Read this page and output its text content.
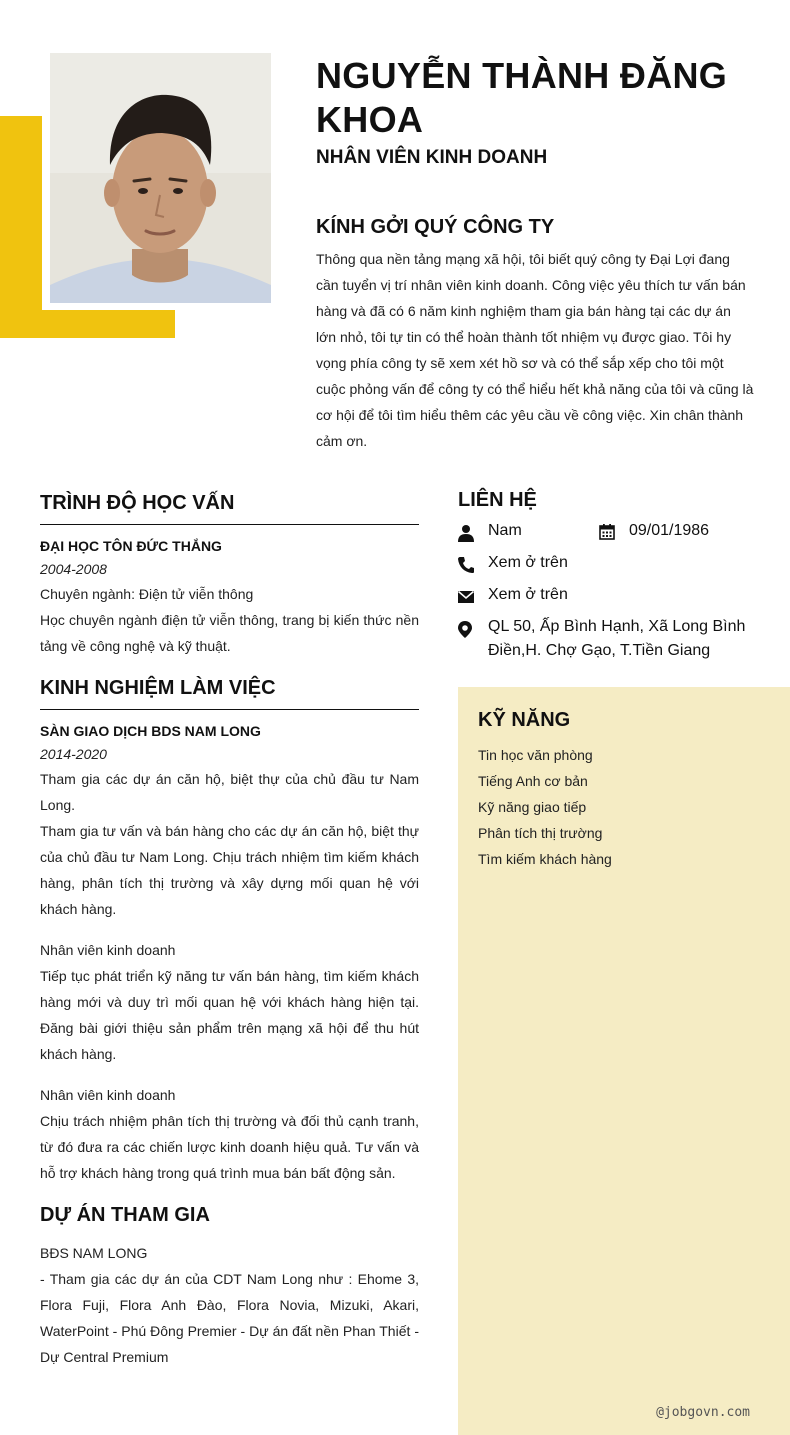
NGUYỄN THÀNH ĐĂNG KHOA
NHÂN VIÊN KINH DOANH
KÍNH GỞI QUÝ CÔNG TY
Thông qua nền tảng mạng xã hội, tôi biết quý công ty Đại Lợi đang cần tuyển vị trí nhân viên kinh doanh. Công việc yêu thích tư vấn bán hàng và đã có 6 năm kinh nghiệm tham gia bán hàng tại các dự án lớn nhỏ, tôi tự tin có thể hoàn thành tốt nhiệm vụ được giao. Tôi hy vọng phía công ty sẽ xem xét hồ sơ và có thể sắp xếp cho tôi một cuộc phỏng vấn để công ty có thể hiểu hết khả năng của tôi và cũng là cơ hội để tôi tìm hiểu thêm các yêu cầu về công việc. Xin chân thành cảm ơn.
TRÌNH ĐỘ HỌC VẤN
ĐẠI HỌC TÔN ĐỨC THẮNG
2004-2008
Chuyên ngành: Điện tử viễn thông
Học chuyên ngành điện tử viễn thông, trang bị kiến thức nền tảng về công nghệ và kỹ thuật.
KINH NGHIỆM LÀM VIỆC
SÀN GIAO DỊCH BDS NAM LONG
2014-2020
Tham gia các dự án căn hộ, biệt thự của chủ đầu tư Nam Long.
Tham gia tư vấn và bán hàng cho các dự án căn hộ, biệt thự của chủ đầu tư Nam Long. Chịu trách nhiệm tìm kiếm khách hàng, phân tích thị trường và xây dựng mối quan hệ với khách hàng.
Nhân viên kinh doanh
Tiếp tục phát triển kỹ năng tư vấn bán hàng, tìm kiếm khách hàng mới và duy trì mối quan hệ với khách hàng hiện tại. Đăng bài giới thiệu sản phẩm trên mạng xã hội để thu hút khách hàng.
Nhân viên kinh doanh
Chịu trách nhiệm phân tích thị trường và đối thủ cạnh tranh, từ đó đưa ra các chiến lược kinh doanh hiệu quả. Tư vấn và hỗ trợ khách hàng trong quá trình mua bán bất động sản.
DỰ ÁN THAM GIA
BĐS NAM LONG
- Tham gia các dự án của CDT Nam Long như : Ehome 3, Flora Fuji, Flora Anh Đào, Flora Novia, Mizuki, Akari, WaterPoint - Phú Đông Premier - Dự án đất nền Phan Thiết - Dự Central Premium
LIÊN HỆ
Nam	09/01/1986
Xem ở trên
Xem ở trên
QL 50, Ấp Bình Hạnh, Xã Long Bình Điền,H. Chợ Gạo, T.Tiền Giang
KỸ NĂNG
Tin học văn phòng
Tiếng Anh cơ bản
Kỹ năng giao tiếp
Phân tích thị trường
Tìm kiếm khách hàng
@jobgovn.com
